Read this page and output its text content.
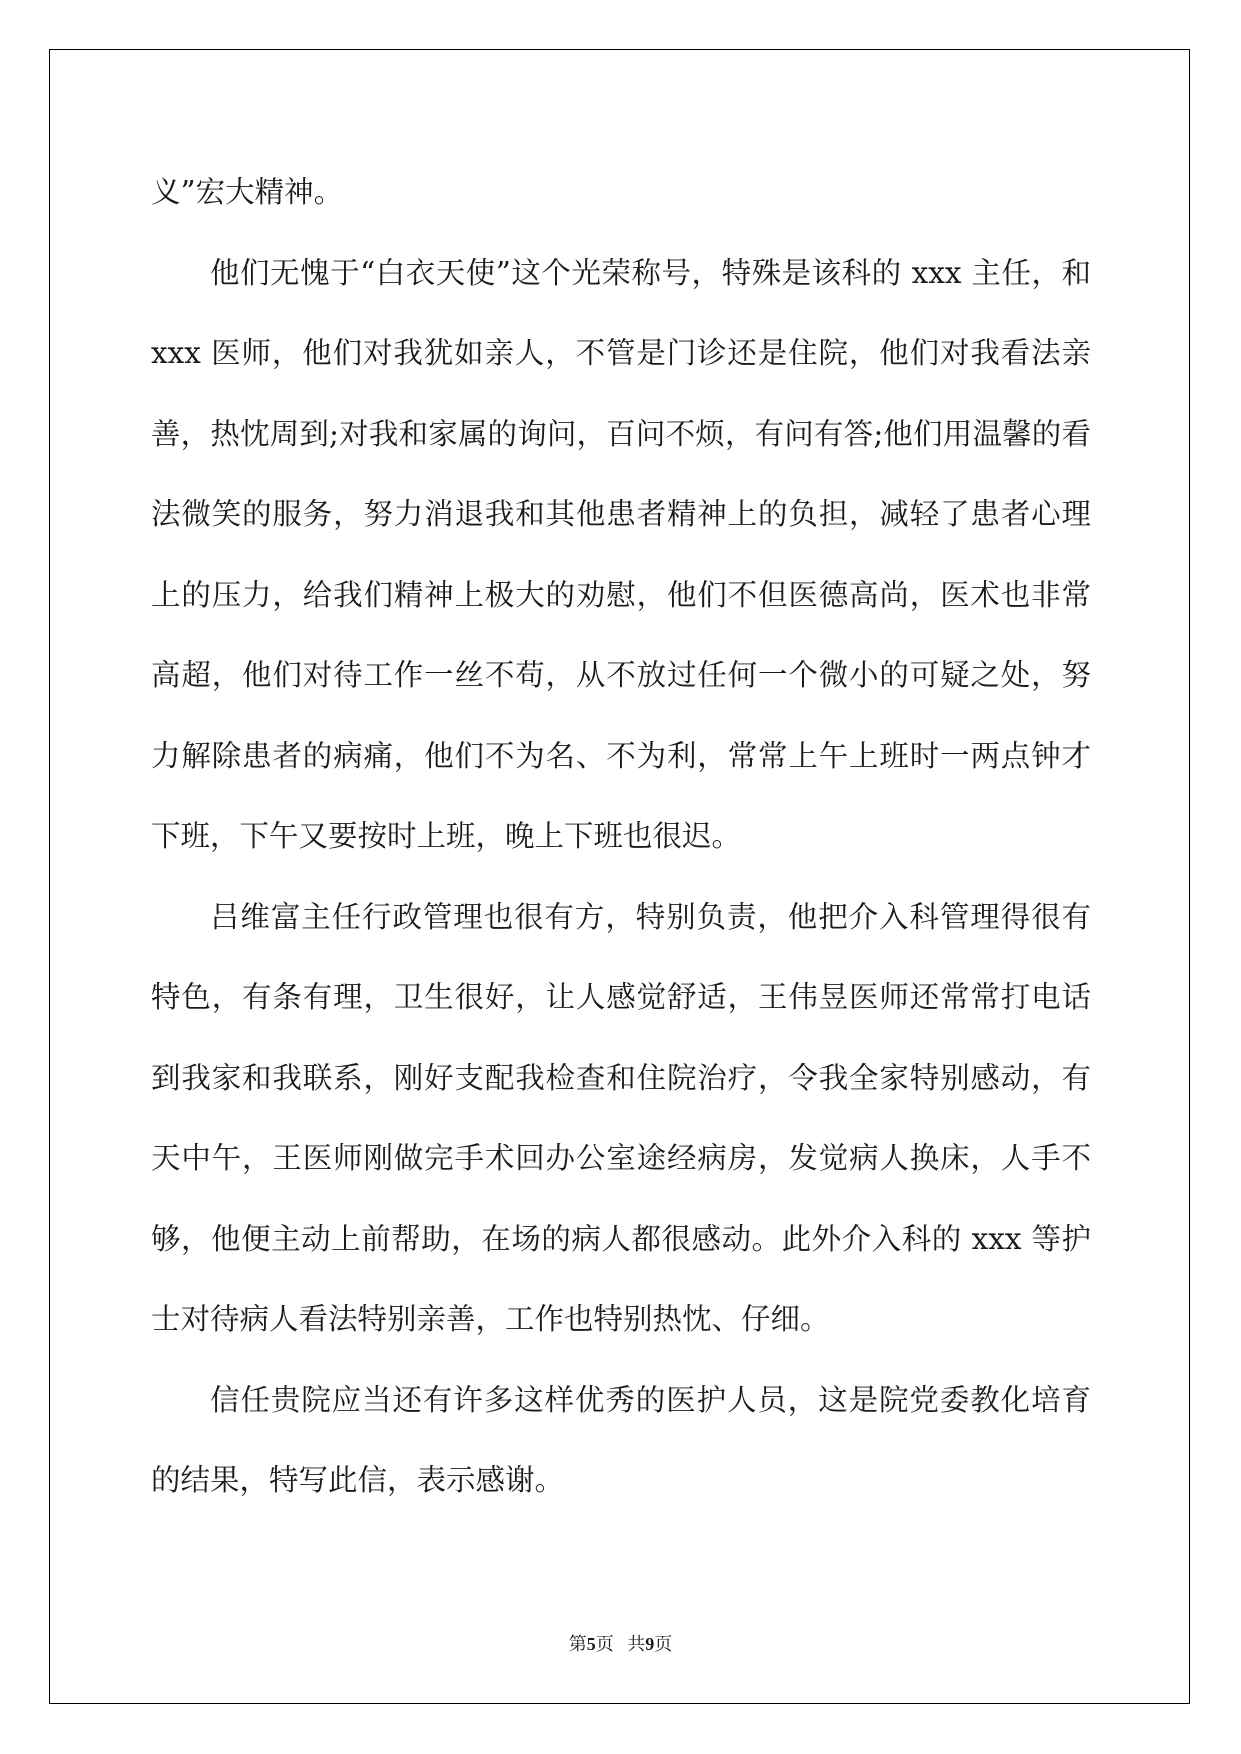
义”宏大精神。

他们无愧于“白衣天使”这个光荣称号，特殊是该科的 xxx 主任，和 xxx 医师，他们对我犹如亲人，不管是门诊还是住院，他们对我看法亲善，热忱周到;对我和家属的询问，百问不烦，有问有答;他们用温馨的看法微笑的服务，努力消退我和其他患者精神上的负担，减轻了患者心理上的压力，给我们精神上极大的劝慰，他们不但医德高尚，医术也非常高超，他们对待工作一丝不苟，从不放过任何一个微小的可疑之处，努力解除患者的病痛，他们不为名、不为利，常常上午上班时一两点钟才下班，下午又要按时上班，晚上下班也很迟。

吕维富主任行政管理也很有方，特别负责，他把介入科管理得很有特色，有条有理，卫生很好，让人感觉舒适，王伟昱医师还常常打电话到我家和我联系，刚好支配我检查和住院治疗，令我全家特别感动，有天中午，王医师刚做完手术回办公室途经病房，发觉病人换床，人手不够，他便主动上前帮助，在场的病人都很感动。此外介入科的 xxx 等护士对待病人看法特别亲善，工作也特别热忱、仔细。

信任贵院应当还有许多这样优秀的医护人员，这是院党委教化培育的结果，特写此信，表示感谢。

第5页 共9页
